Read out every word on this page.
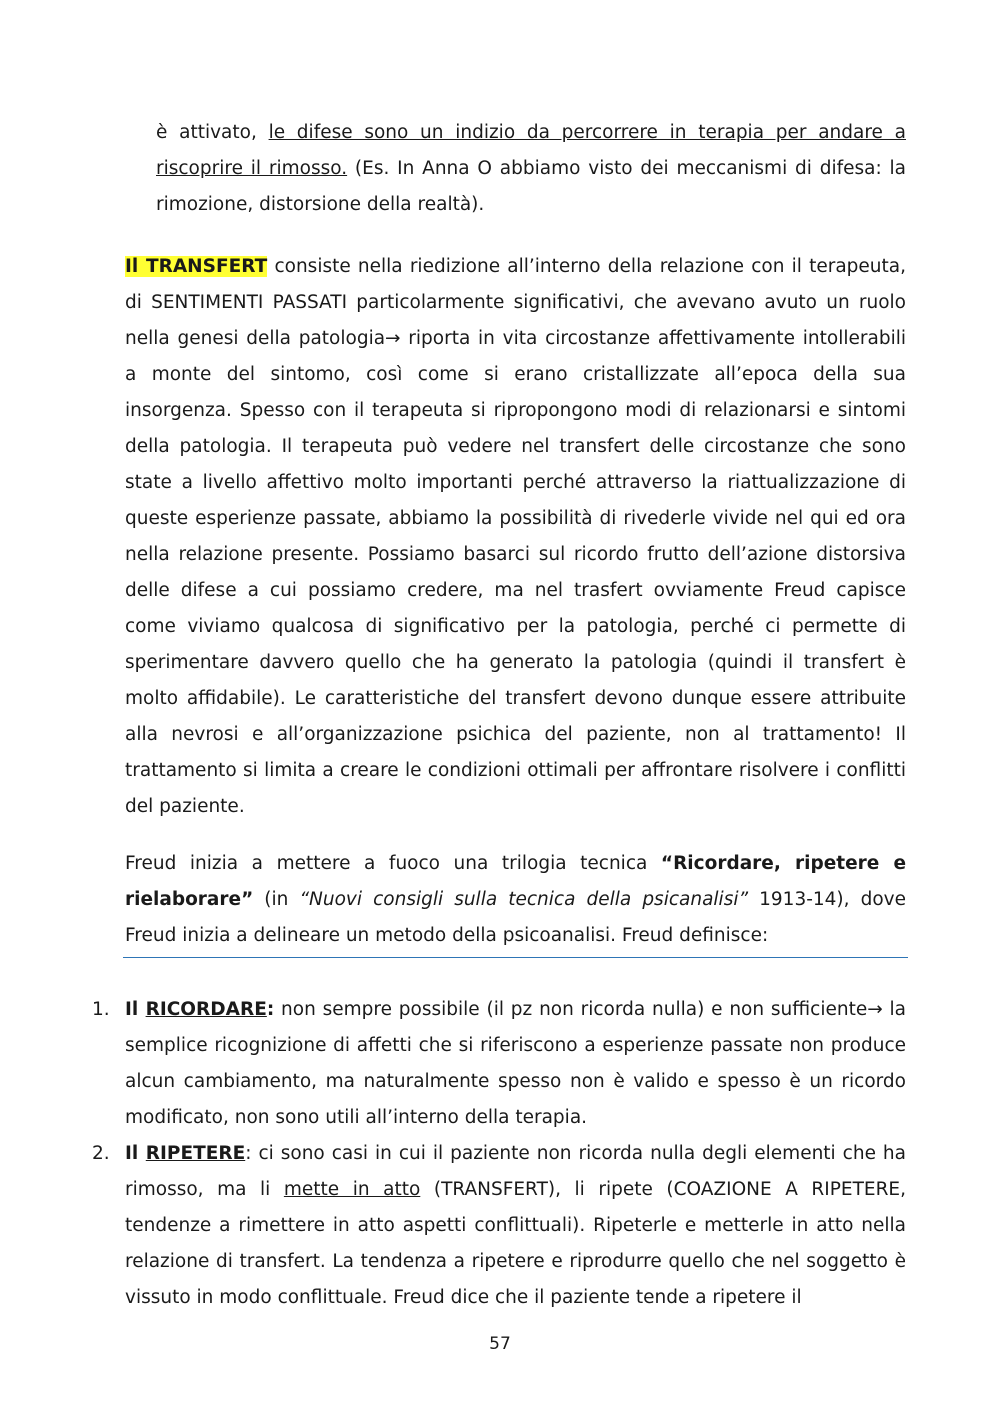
è attivato, le difese sono un indizio da percorrere in terapia per andare a riscoprire il rimosso. (Es. In Anna O abbiamo visto dei meccanismi di difesa: la rimozione, distorsione della realtà).

Il TRANSFERT consiste nella riedizione all’interno della relazione con il terapeuta, di SENTIMENTI PASSATI particolarmente significativi, che avevano avuto un ruolo nella genesi della patologia→ riporta in vita circostanze affettivamente intollerabili a monte del sintomo, così come si erano cristallizzate all’epoca della sua insorgenza. Spesso con il terapeuta si ripropongono modi di relazionarsi e sintomi della patologia. Il terapeuta può vedere nel transfert delle circostanze che sono state a livello affettivo molto importanti perché attraverso la riattualizzazione di queste esperienze passate, abbiamo la possibilità di rivederle vivide nel qui ed ora nella relazione presente. Possiamo basarci sul ricordo frutto dell’azione distorsiva delle difese a cui possiamo credere, ma nel trasfert ovviamente Freud capisce come viviamo qualcosa di significativo per la patologia, perché ci permette di sperimentare davvero quello che ha generato la patologia (quindi il transfert è molto affidabile). Le caratteristiche del transfert devono dunque essere attribuite alla nevrosi e all’organizzazione psichica del paziente, non al trattamento! Il trattamento si limita a creare le condizioni ottimali per affrontare risolvere i conflitti del paziente.

Freud inizia a mettere a fuoco una trilogia tecnica “Ricordare, ripetere e rielaborare” (in “Nuovi consigli sulla tecnica della psicanalisi” 1913-14), dove Freud inizia a delineare un metodo della psicoanalisi. Freud definisce:

1. Il RICORDARE: non sempre possibile (il pz non ricorda nulla) e non sufficiente→ la semplice ricognizione di affetti che si riferiscono a esperienze passate non produce alcun cambiamento, ma naturalmente spesso non è valido e spesso è un ricordo modificato, non sono utili all’interno della terapia.
2. Il RIPETERE: ci sono casi in cui il paziente non ricorda nulla degli elementi che ha rimosso, ma li mette in atto (TRANSFERT), li ripete (COAZIONE A RIPETERE, tendenze a rimettere in atto aspetti conflittuali). Ripeterle e metterle in atto nella relazione di transfert. La tendenza a ripetere e riprodurre quello che nel soggetto è vissuto in modo conflittuale. Freud dice che il paziente tende a ripetere il
57
